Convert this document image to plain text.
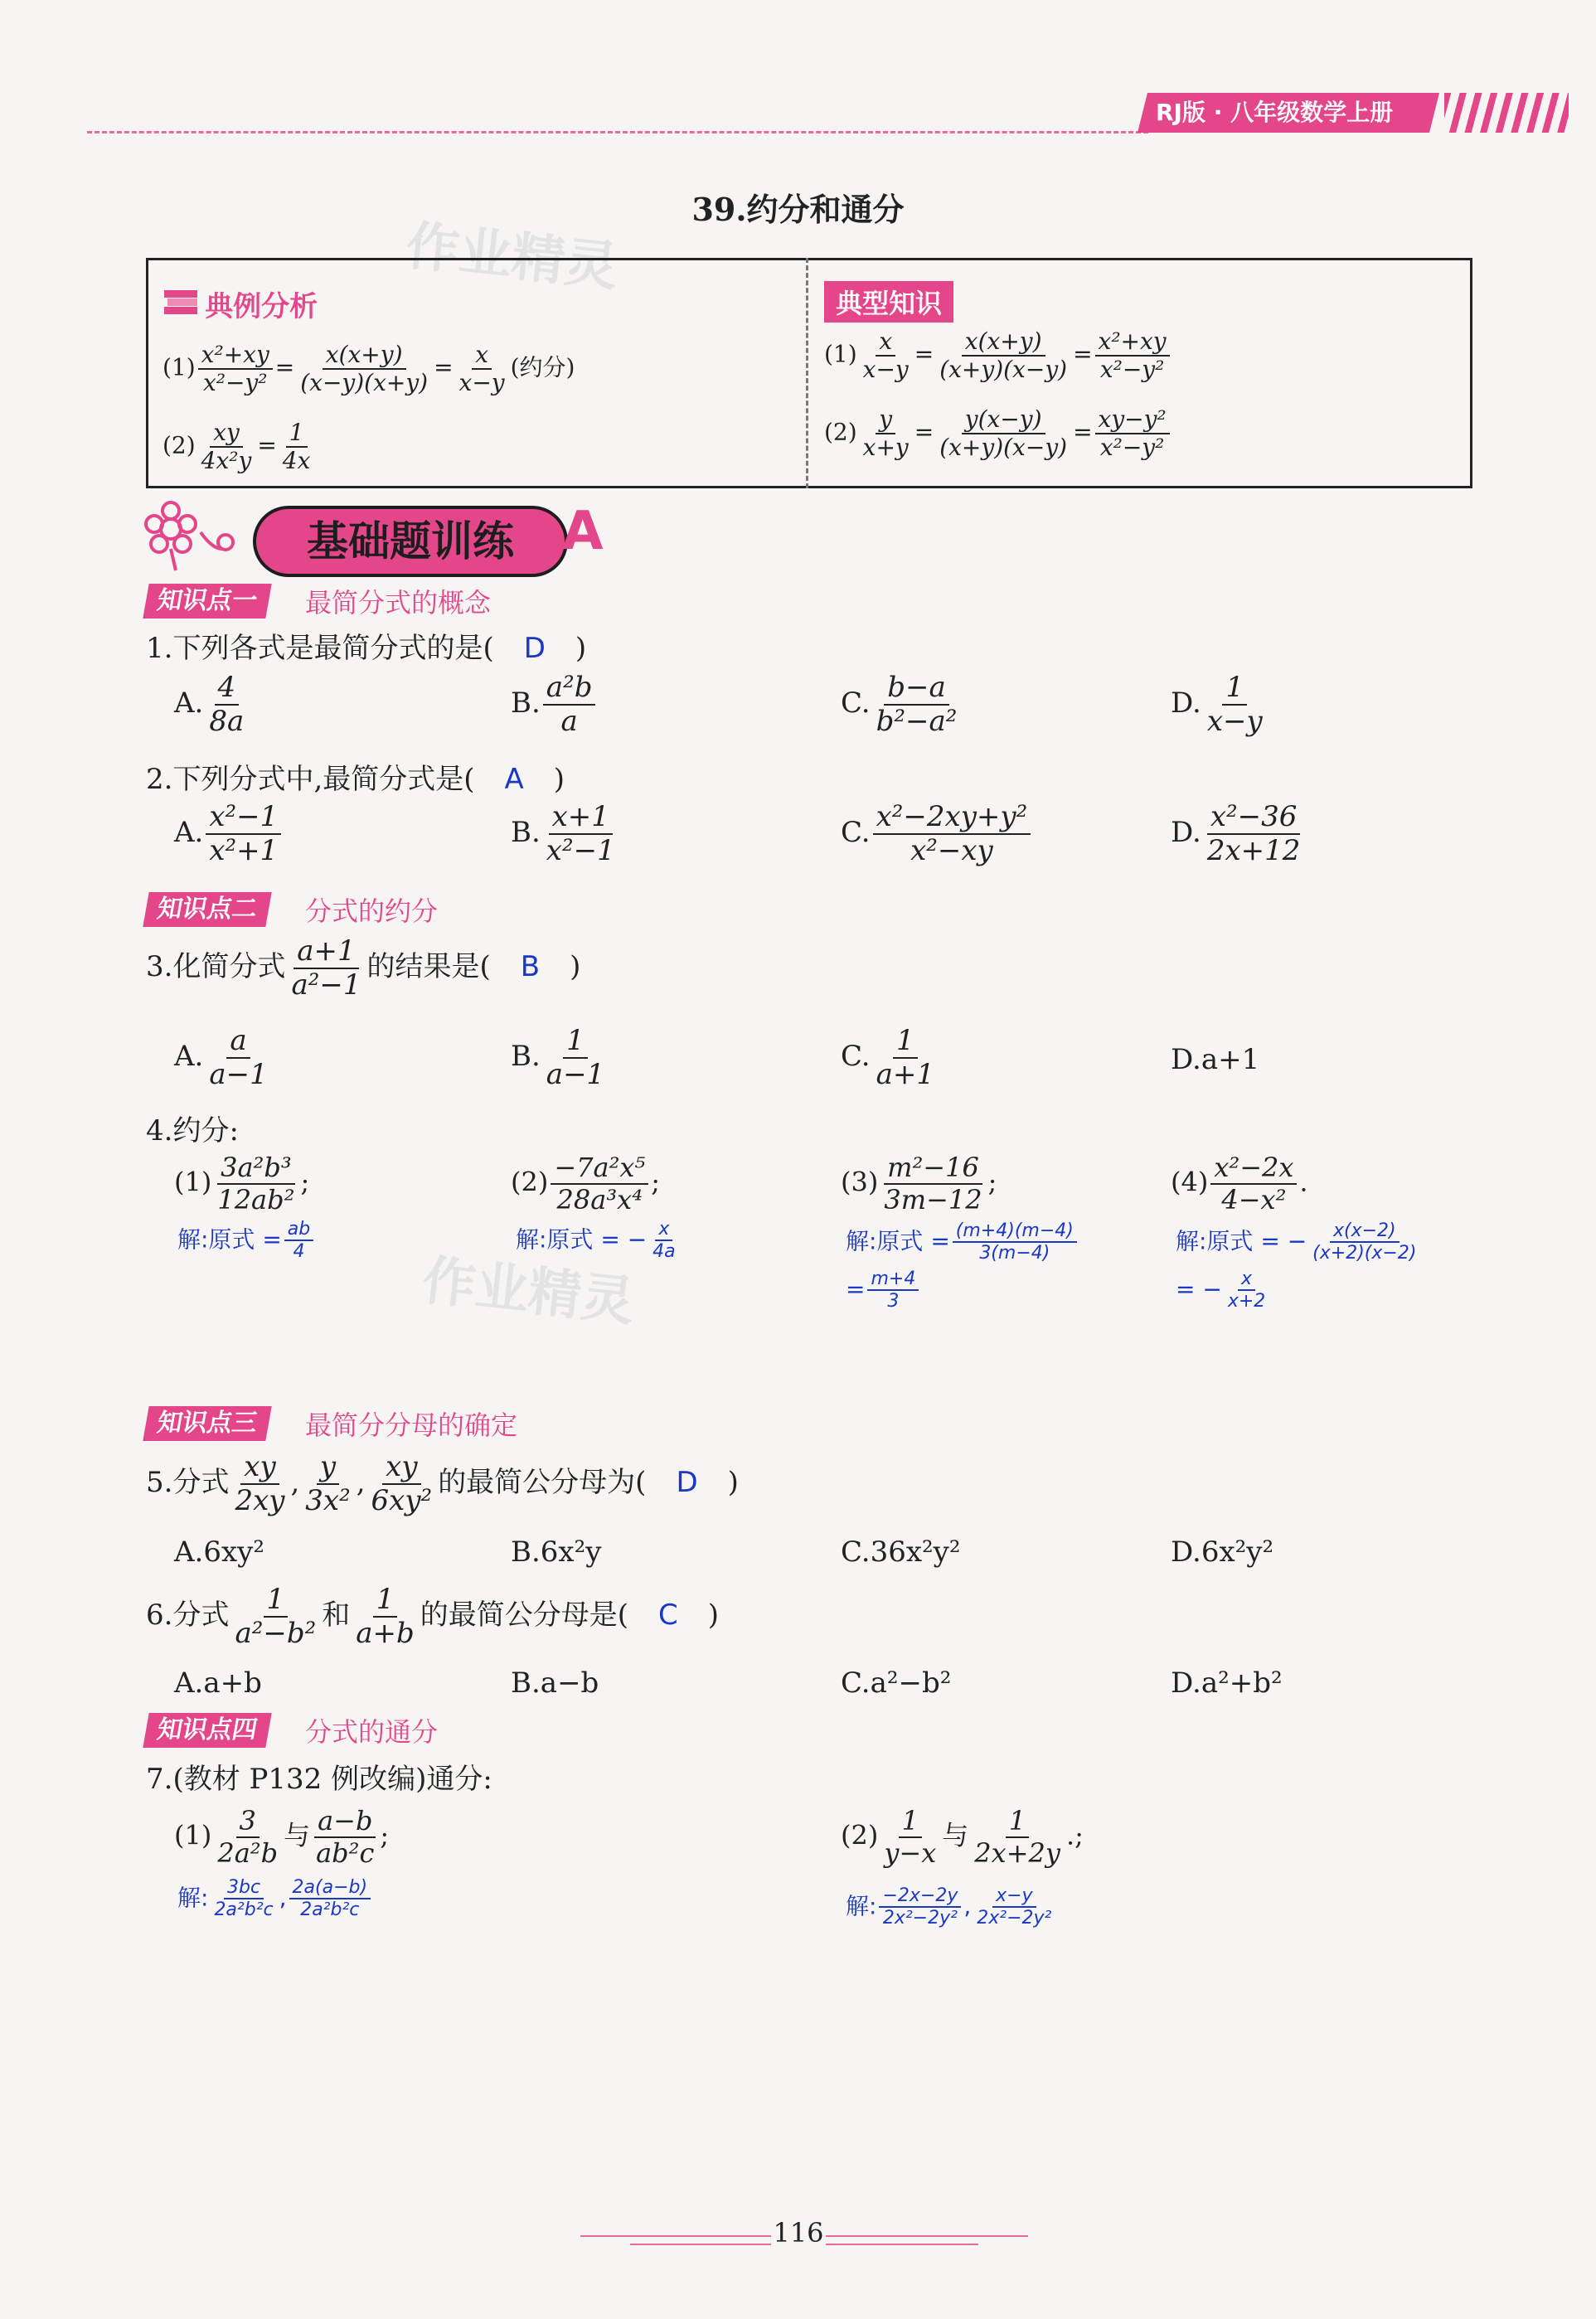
RJ版 · 八年级数学上册
39.约分和通分
作业精灵
作业精灵
典例分析
$(1) \frac{\text{x²+xy}}{\text{x²−y²}} = \frac{x(x+y)}{(x-y)(x+y)} = \frac{x}{x-y}$ (约分)
$(2) \frac{xy}{\text{4x²y}} = \frac{1}{4x}$
典型知识
$(1) \frac{x}{x-y} = \frac{x(x+y)}{(x+y)(x-y)} = \frac{\text{x²+xy}}{\text{x²−y²}}$
$(2) \frac{y}{x+y} = \frac{y(x-y)}{(x+y)(x-y)} = \frac{\text{xy−y²}}{\text{x²−y²}}$
基础题训练 A
知识点一	最简分式的概念
1.下列各式是最简分式的是( D )
A. $\frac{4}{8a}$	B. $\frac{\text{a²b}}{a}$	C. $\frac{b-a}{\text{b²−a²}}$	D. $\frac{1}{x-y}$
2.下列分式中,最简分式是( A )
A. $\frac{\text{x²−1}}{\text{x²+1}}$	B. $\frac{x+1}{\text{x²−1}}$	C. $\frac{\text{x²−2xy+y²}}{\text{x²−xy}}$	D. $\frac{\text{x²−36}}{2x+12}$
知识点二	分式的约分
3.化简分式 $\frac{a+1}{\text{a²−1}}$ 的结果是( B )
A. $\frac{a}{a-1}$	B. $\frac{1}{a-1}$	C. $\frac{1}{a+1}$	D.a+1
4.约分:
$(1) \frac{\text{3a²b³}}{\text{12ab²}}$ ;	$(2) \frac{\text{−7a²x⁵}}{\text{28a³x⁴}}$ ;	$(3) \frac{\text{m²−16}}{3m-12}$ ;	$(4) \frac{\text{x²−2x}}{\text{4−x²}}$ .
解:原式 = $\frac{ab}{4}$	解:原式 = − $\frac{x}{4a}$	解:原式 = $\frac{(m+4)(m-4)}{3(m-4)}$
= $\frac{m+4}{3}$
解:原式 = − $\frac{x(x-2)}{(x+2)(x-2)}$
= − $\frac{x}{x+2}$
知识点三	最简分分母的确定
5.分式 $\frac{xy}{2xy}$ , $\frac{y}{\text{3x²}}$ , $\frac{xy}{\text{6xy²}}$ 的最简公分母为( D )
A.6xy²	B.6x²y	C.36x²y²	D.6x²y²
6.分式 $\frac{1}{\text{a²−b²}}$ 和 $\frac{1}{a+b}$ 的最简公分母是( C )
A.a+b	B.a−b	C.a²−b²	D.a²+b²
知识点四	分式的通分
7.(教材 P132 例改编)通分:
$(1) \frac{3}{\text{2a²b}}$ 与 $\frac{a-b}{\text{ab²c}}$ ;	$(2) \frac{1}{y-x}$ 与 $\frac{1}{2x+2y}$ .;
解: $\frac{3bc}{\text{2a²b²c}}$ , $\frac{2a(a-b)}{\text{2a²b²c}}$	解: $\frac{-2x-2y}{\text{2x²−2y²}}$ , $\frac{x-y}{\text{2x²−2y²}}$
116
